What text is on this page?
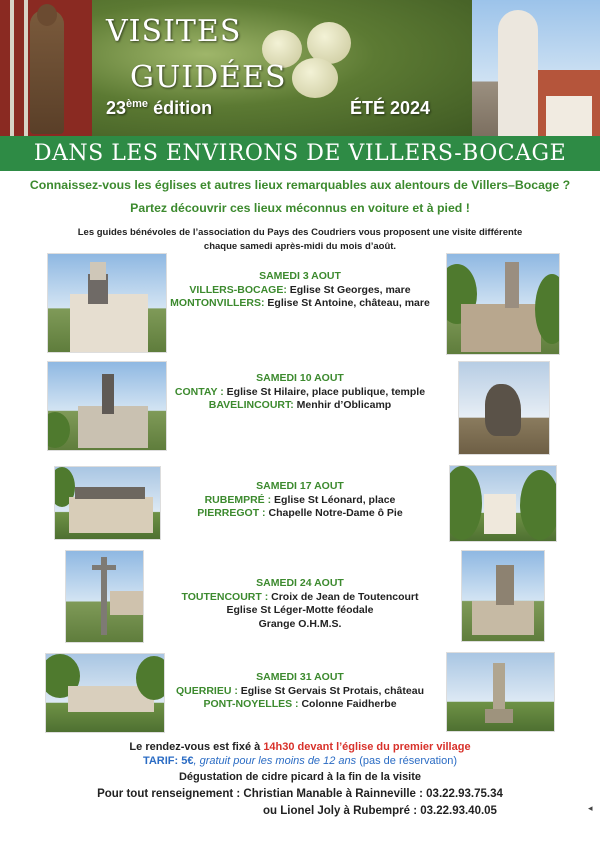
VISITES
GUIDÉES
23ème édition	ÉTÉ 2024
DANS LES ENVIRONS DE VILLERS-BOCAGE
Connaissez-vous les églises et autres lieux remarquables aux alentours de Villers–Bocage ?
Partez découvrir ces lieux méconnus en voiture et à pied !
Les guides bénévoles de l’association du Pays des Coudriers vous proposent une visite différente
chaque samedi après-midi du mois d’août.
SAMEDI 3 AOUT
VILLERS-BOCAGE: Eglise St Georges, mare
MONTONVILLERS: Eglise St Antoine, château, mare
SAMEDI 10 AOUT
CONTAY : Eglise St Hilaire, place publique, temple
BAVELINCOURT: Menhir d’Oblicamp
SAMEDI 17 AOUT
RUBEMPRÉ : Eglise St Léonard, place
PIERREGOT : Chapelle Notre-Dame ô Pie
SAMEDI 24 AOUT
TOUTENCOURT : Croix de Jean de Toutencourt
Eglise St Léger-Motte féodale
Grange O.H.M.S.
SAMEDI 31 AOUT
QUERRIEU : Eglise St Gervais St Protais, château
PONT-NOYELLES : Colonne Faidherbe
Le rendez-vous est fixé à 14h30 devant l’église du premier village
TARIF: 5€, gratuit pour les moins de 12 ans (pas de réservation)
Dégustation de cidre picard à la fin de la visite
Pour tout renseignement : Christian Manable à Rainneville : 03.22.93.75.34
ou Lionel Joly à Rubempré : 03.22.93.40.05	◂
